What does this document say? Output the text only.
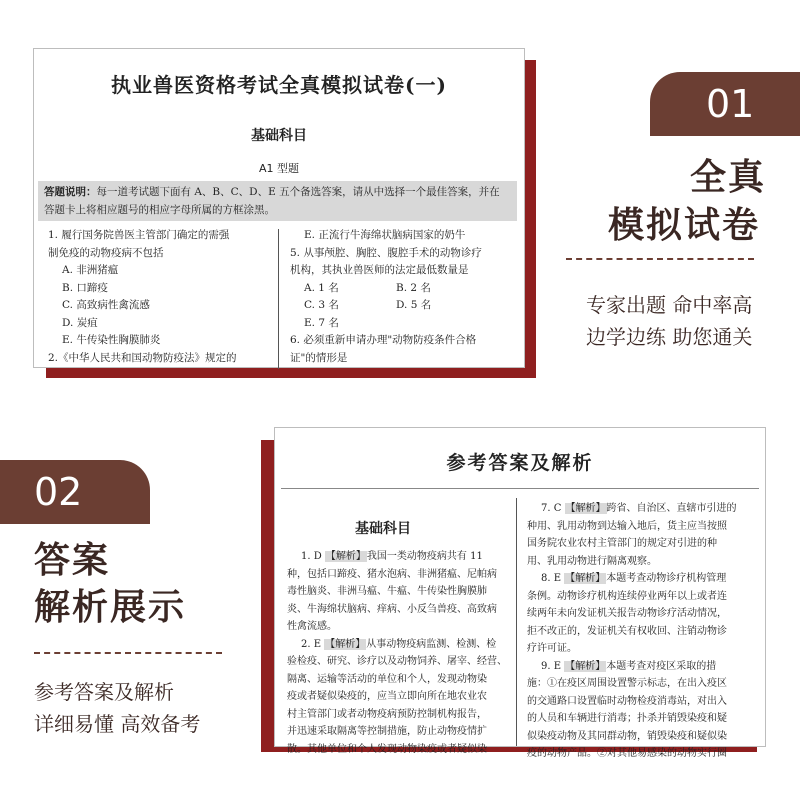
执业兽医资格考试全真模拟试卷(一)
基础科目
A1 型题
答题说明：每一道考试题下面有 A、B、C、D、E 五个备选答案，请从中选择一个最佳答案，并在
答题卡上将相应题号的相应字母所属的方框涂黑。
1. 履行国务院兽医主管部门确定的需强
制免疫的动物疫病不包括
A. 非洲猪瘟
B. 口蹄疫
C. 高致病性禽流感
D. 炭疽
E. 牛传染性胸膜肺炎
2.《中华人民共和国动物防疫法》规定的
E. 正流行牛海绵状脑病国家的奶牛
5. 从事颅腔、胸腔、腹腔手术的动物诊疗
机构，其执业兽医师的法定最低数量是
A. 1 名	B. 2 名
C. 3 名	D. 5 名
E. 7 名
6. 必须重新申请办理"动物防疫条件合格
证"的情形是
01
全真
模拟试卷
专家出题 命中率高
边学边练 助您通关
02
答案
解析展示
参考答案及解析
详细易懂 高效备考
参考答案及解析
基础科目
1. D 【解析】我国一类动物疫病共有 11
种，包括口蹄疫、猪水泡病、非洲猪瘟、尼帕病
毒性脑炎、非洲马瘟、牛瘟、牛传染性胸膜肺
炎、牛海绵状脑病、痒病、小反刍兽疫、高致病
性禽流感。
2. E 【解析】从事动物疫病监测、检测、检
验检疫、研究、诊疗以及动物饲养、屠宰、经营、
隔离、运输等活动的单位和个人，发现动物染
疫或者疑似染疫的，应当立即向所在地农业农
村主管部门或者动物疫病预防控制机构报告，
并迅速采取隔离等控制措施，防止动物疫情扩
散。其他单位和个人发现动物染疫或者疑似染
7. C 【解析】跨省、自治区、直辖市引进的
种用、乳用动物到达输入地后，货主应当按照
国务院农业农村主管部门的规定对引进的种
用、乳用动物进行隔离观察。
8. E 【解析】本题考查动物诊疗机构管理
条例。动物诊疗机构连续停业两年以上或者连
续两年未向发证机关报告动物诊疗活动情况，
拒不改正的，发证机关有权收回、注销动物诊
疗许可证。
9. E 【解析】本题考查对疫区采取的措
施：①在疫区周围设置警示标志，在出入疫区
的交通路口设置临时动物检疫消毒站，对出入
的人员和车辆进行消毒；扑杀并销毁染疫和疑
似染疫动物及其同群动物，销毁染疫和疑似染
疫的动物产品。②对其他易感染的动物实行圈
